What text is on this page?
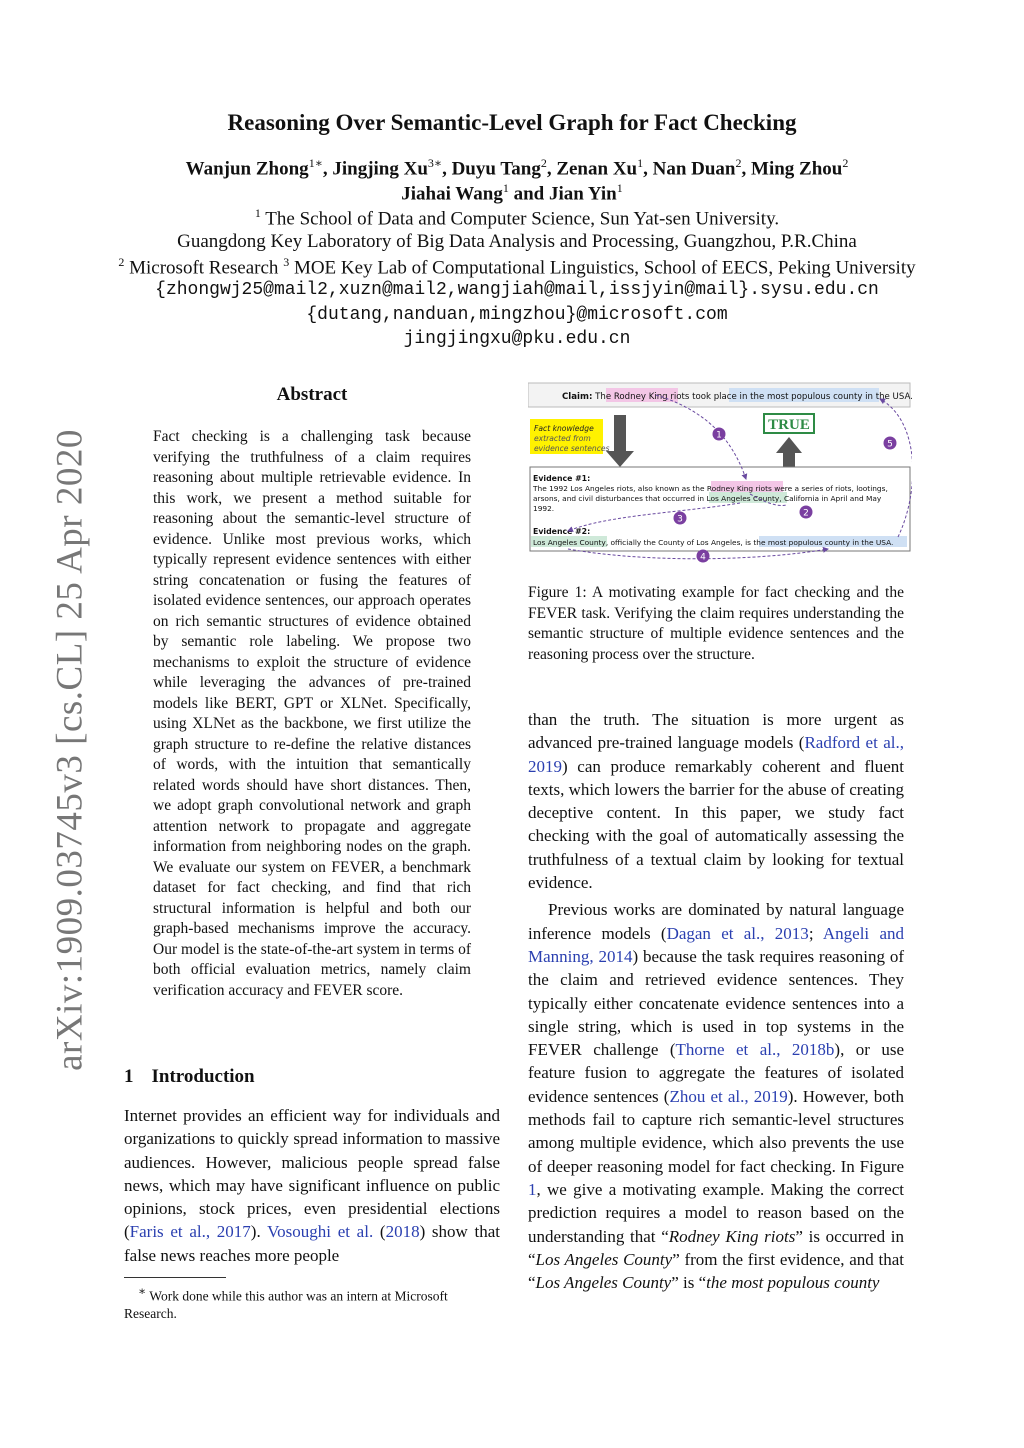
arXiv:1909.03745v3 [cs.CL] 25 Apr 2020
Reasoning Over Semantic-Level Graph for Fact Checking
Wanjun Zhong$^{1∗}$, Jingjing $Xu^{3∗}$, Duyu Tang$^2$, Zenan Xu$^1$, Nan Duan$^2$, Ming Zhou$^2$
Jiahai Wang$^1$ and Jian Yin$^1$
$^1$ The School of Data and Computer Science, Sun Yat-sen University.
Guangdong Key Laboratory of Big Data Analysis and Processing, Guangzhou, P.R.China
$^2$ Microsoft Research $^3$ MOE Key Lab of Computational Linguistics, School of EECS, Peking University
{zhongwj25@mail2,xuzn@mail2,wangjiah@mail,issjyin@mail}.sysu.edu.cn
{dutang,nanduan,mingzhou}@microsoft.com
jingjingxu@pku.edu.cn
Abstract
Fact checking is a challenging task because verifying the truthfulness of a claim requires reasoning about multiple retrievable evidence. In this work, we present a method suitable for reasoning about the semantic-level structure of evidence. Unlike most previous works, which typically represent evidence sentences with either string concatenation or fusing the features of isolated evidence sentences, our approach operates on rich semantic structures of evidence obtained by semantic role labeling. We propose two mechanisms to exploit the structure of evidence while leveraging the advances of pre-trained models like BERT, GPT or XLNet. Specifically, using XLNet as the backbone, we first utilize the graph structure to re-define the relative distances of words, with the intuition that semantically related words should have short distances. Then, we adopt graph convolutional network and graph attention network to propagate and aggregate information from neighboring nodes on the graph. We evaluate our system on FEVER, a benchmark dataset for fact checking, and find that rich structural information is helpful and both our graph-based mechanisms improve the accuracy. Our model is the state-of-the-art system in terms of both official evaluation metrics, namely claim verification accuracy and FEVER score.
1 Introduction
Internet provides an efficient way for individuals and organizations to quickly spread information to massive audiences. However, malicious people spread false news, which may have significant influence on public opinions, stock prices, even presidential elections (Faris et al., 2017). Vosoughi et al. (2018) show that false news reaches more people
∗ Work done while this author was an intern at Microsoft Research.
Claim: The Rodney King riots took place in the most populous county in the USA.
Fact knowledge
extracted from
evidence sentences
TRUE
Evidence #1:
The 1992 Los Angeles riots, also known as the Rodney King riots were a series of riots, lootings,
arsons, and civil disturbances that occurred in Los Angeles County, California in April and May
1992.
Evidence #2:
Los Angeles County, officially the County of Los Angeles, is the most populous county in the USA.
1
2
3
4
5
Figure 1: A motivating example for fact checking and the FEVER task. Verifying the claim requires understanding the semantic structure of multiple evidence sentences and the reasoning process over the structure.

than the truth. The situation is more urgent as advanced pre-trained language models (Radford et al., 2019) can produce remarkably coherent and fluent texts, which lowers the barrier for the abuse of creating deceptive content. In this paper, we study fact checking with the goal of automatically assessing the truthfulness of a textual claim by looking for textual evidence.

Previous works are dominated by natural language inference models (Dagan et al., 2013; Angeli and Manning, 2014) because the task requires reasoning of the claim and retrieved evidence sentences. They typically either concatenate evidence sentences into a single string, which is used in top systems in the FEVER challenge (Thorne et al., 2018b), or use feature fusion to aggregate the features of isolated evidence sentences (Zhou et al., 2019). However, both methods fail to capture rich semantic-level structures among multiple evidence, which also prevents the use of deeper reasoning model for fact checking. In Figure 1, we give a motivating example. Making the correct prediction requires a model to reason based on the understanding that “Rodney King riots” is occurred in “Los Angeles County” from the first evidence, and that “Los Angeles County” is “the most populous county
